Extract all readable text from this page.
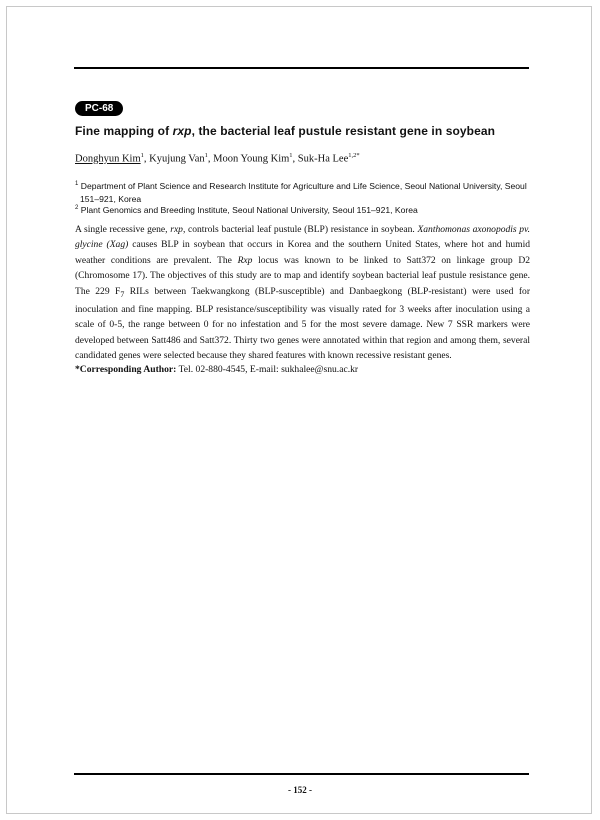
PC-68
Fine mapping of rxp, the bacterial leaf pustule resistant gene in soybean
Donghyun Kim$^1$, Kyujung Van$^1$, Moon Young Kim$^1$, Suk-Ha Lee$^{1,2*}$
$^1$ Department of Plant Science and Research Institute for Agriculture and Life Science, Seoul National University, Seoul
151–921, Korea
$^2$ Plant Genomics and Breeding Institute, Seoul National University, Seoul 151–921, Korea
A single recessive gene, rxp, controls bacterial leaf pustule (BLP) resistance in soybean. Xanthomonas axonopodis pv. glycine (Xag) causes BLP in soybean that occurs in Korea and the southern United States, where hot and humid weather conditions are prevalent. The Rxp locus was known to be linked to Satt372 on linkage group D2 (Chromosome 17). The objectives of this study are to map and identify soybean bacterial leaf pustule resistance gene. The 229 $F_7$ RILs between Taekwangkong (BLP-susceptible) and Danbaegkong (BLP-resistant) were used for inoculation and fine mapping. BLP resistance/susceptibility was visually rated for 3 weeks after inoculation using a scale of 0-5, the range between 0 for no infestation and 5 for the most severe damage. New 7 SSR markers were developed between Satt486 and Satt372. Thirty two genes were annotated within that region and among them, several candidated genes were selected because they shared features with known recessive resistant genes.
*Corresponding Author: Tel. 02-880-4545, E-mail: sukhalee@snu.ac.kr
- 152 -
